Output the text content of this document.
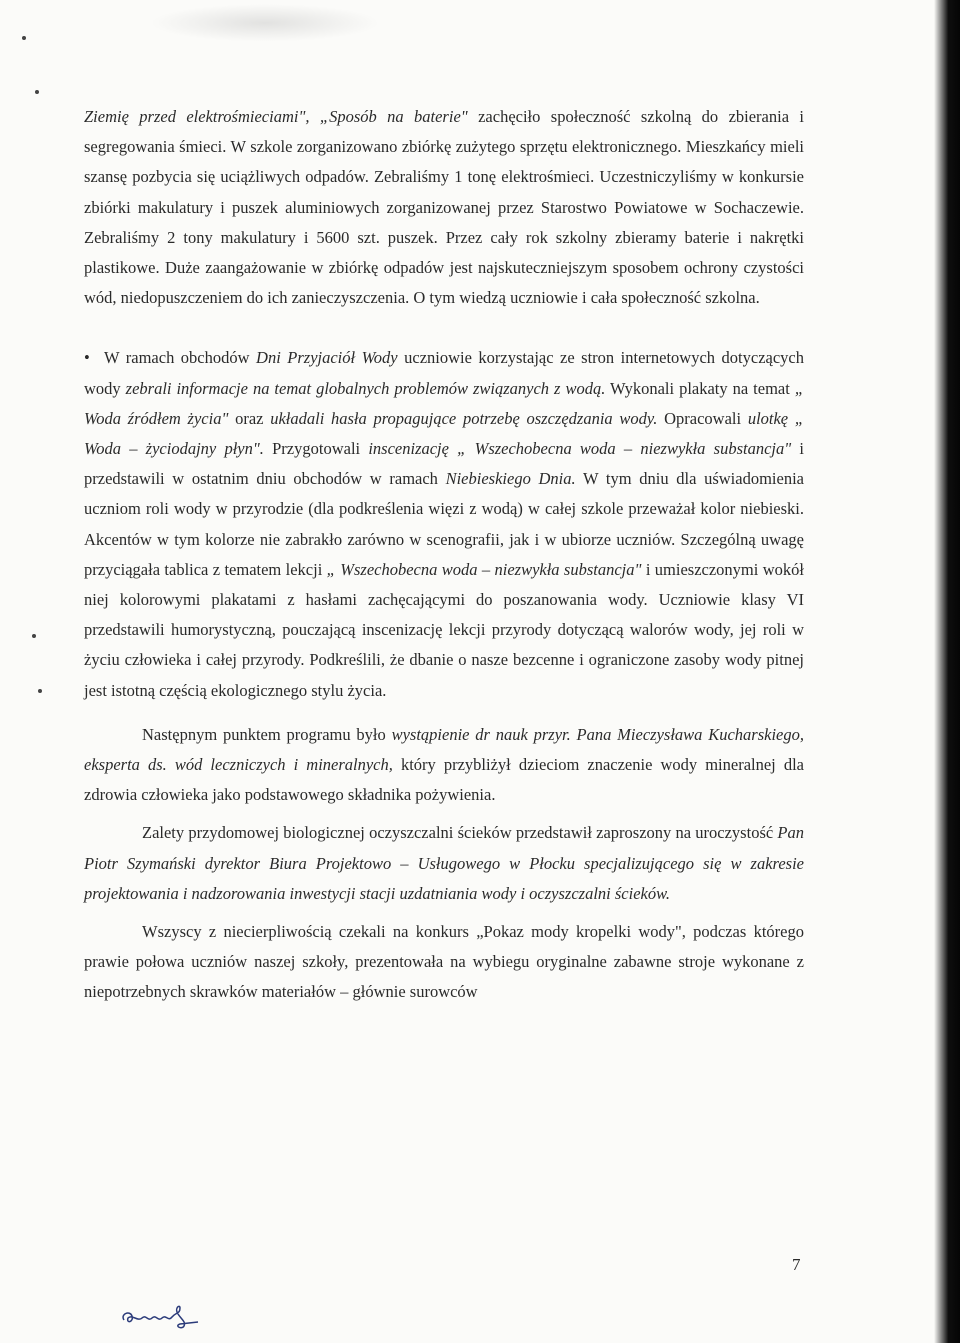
Ziemię przed elektrośmieciami", „Sposób na baterie" zachęciło społeczność szkolną do zbierania i segregowania śmieci. W szkole zorganizowano zbiórkę zużytego sprzętu elektronicznego. Mieszkańcy mieli szansę pozbycia się uciążliwych odpadów. Zebraliśmy 1 tonę elektrośmieci. Uczestniczyliśmy w konkursie zbiórki makulatury i puszek aluminiowych zorganizowanej przez Starostwo Powiatowe w Sochaczewie. Zebraliśmy 2 tony makulatury i 5600 szt. puszek. Przez cały rok szkolny zbieramy baterie i nakrętki plastikowe. Duże zaangażowanie w zbiórkę odpadów jest najskuteczniejszym sposobem ochrony czystości wód, niedopuszczeniem do ich zanieczyszczenia. O tym wiedzą uczniowie i cała społeczność szkolna.

• W ramach obchodów Dni Przyjaciół Wody uczniowie korzystając ze stron internetowych dotyczących wody zebrali informacje na temat globalnych problemów związanych z wodą. Wykonali plakaty na temat „ Woda źródłem życia" oraz układali hasła propagujące potrzebę oszczędzania wody. Opracowali ulotkę „ Woda – życiodajny płyn". Przygotowali inscenizację „ Wszechobecna woda – niezwykła substancja" i przedstawili w ostatnim dniu obchodów w ramach Niebieskiego Dnia. W tym dniu dla uświadomienia uczniom roli wody w przyrodzie (dla podkreślenia więzi z wodą) w całej szkole przeważał kolor niebieski. Akcentów w tym kolorze nie zabrakło zarówno w scenografii, jak i w ubiorze uczniów. Szczególną uwagę przyciągała tablica z tematem lekcji „ Wszechobecna woda – niezwykła substancja" i umieszczonymi wokół niej kolorowymi plakatami z hasłami zachęcającymi do poszanowania wody. Uczniowie klasy VI przedstawili humorystyczną, pouczającą inscenizację lekcji przyrody dotyczącą walorów wody, jej roli w życiu człowieka i całej przyrody. Podkreślili, że dbanie o nasze bezcenne i ograniczone zasoby wody pitnej jest istotną częścią ekologicznego stylu życia.

Następnym punktem programu było wystąpienie dr nauk przyr. Pana Mieczysława Kucharskiego, eksperta ds. wód leczniczych i mineralnych, który przybliżył dzieciom znaczenie wody mineralnej dla zdrowia człowieka jako podstawowego składnika pożywienia.

Zalety przydomowej biologicznej oczyszczalni ścieków przedstawił zaproszony na uroczystość Pan Piotr Szymański dyrektor Biura Projektowo – Usługowego w Płocku specjalizującego się w zakresie projektowania i nadzorowania inwestycji stacji uzdatniania wody i oczyszczalni ścieków.

Wszyscy z niecierpliwością czekali na konkurs „Pokaz mody kropelki wody", podczas którego prawie połowa uczniów naszej szkoły, prezentowała na wybiegu oryginalne zabawne stroje wykonane z niepotrzebnych skrawków materiałów – głównie surowców

7
